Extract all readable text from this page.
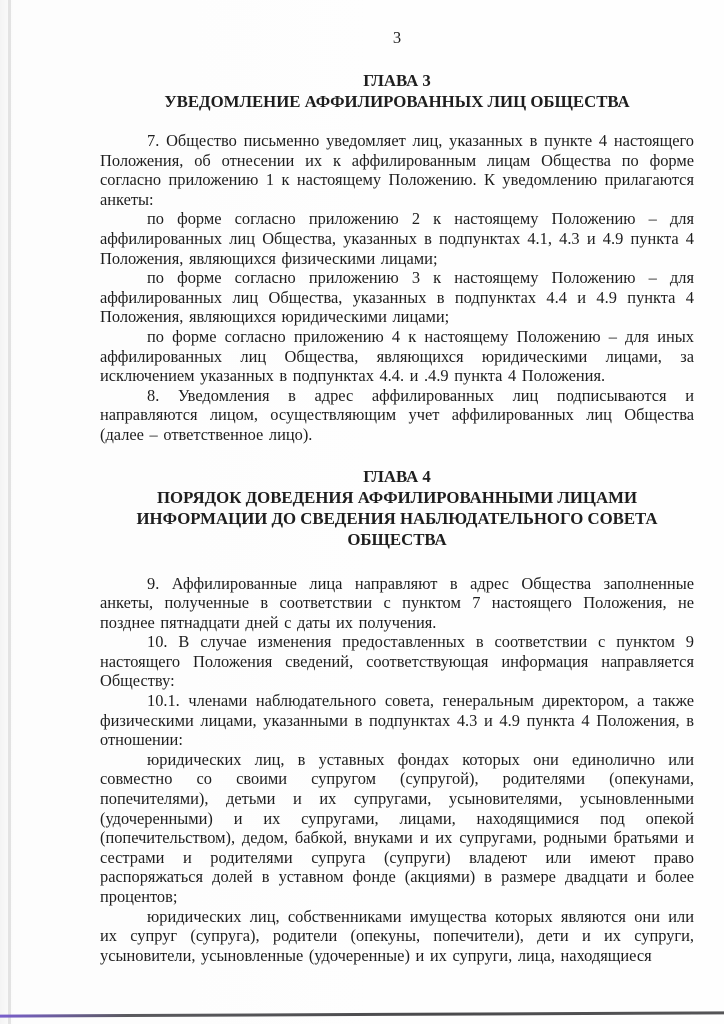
3
ГЛАВА 3
УВЕДОМЛЕНИЕ АФФИЛИРОВАННЫХ ЛИЦ ОБЩЕСТВА

7. Общество письменно уведомляет лиц, указанных в пункте 4 настоящего Положения, об отнесении их к аффилированным лицам Общества по форме согласно приложению 1 к настоящему Положению. К уведомлению прилагаются анкеты:

по форме согласно приложению 2 к настоящему Положению – для аффилированных лиц Общества, указанных в подпунктах 4.1, 4.3 и 4.9 пункта 4 Положения, являющихся физическими лицами;

по форме согласно приложению 3 к настоящему Положению – для аффилированных лиц Общества, указанных в подпунктах 4.4 и 4.9 пункта 4 Положения, являющихся юридическими лицами;

по форме согласно приложению 4 к настоящему Положению – для иных аффилированных лиц Общества, являющихся юридическими лицами, за исключением указанных в подпунктах 4.4. и .4.9 пункта 4 Положения.

8. Уведомления в адрес аффилированных лиц подписываются и направляются лицом, осуществляющим учет аффилированных лиц Общества (далее – ответственное лицо).

ГЛАВА 4
ПОРЯДОК ДОВЕДЕНИЯ АФФИЛИРОВАННЫМИ ЛИЦАМИ
ИНФОРМАЦИИ ДО СВЕДЕНИЯ НАБЛЮДАТЕЛЬНОГО СОВЕТА
ОБЩЕСТВА

9. Аффилированные лица направляют в адрес Общества заполненные анкеты, полученные в соответствии с пунктом 7 настоящего Положения, не позднее пятнадцати дней с даты их получения.

10. В случае изменения предоставленных в соответствии с пунктом 9 настоящего Положения сведений, соответствующая информация направляется Обществу:

10.1. членами наблюдательного совета, генеральным директором, а также физическими лицами, указанными в подпунктах 4.3 и 4.9 пункта 4 Положения, в отношении:

юридических лиц, в уставных фондах которых они единолично или совместно со своими супругом (супругой), родителями (опекунами, попечителями), детьми и их супругами, усыновителями, усыновленными (удочеренными) и их супругами, лицами, находящимися под опекой (попечительством), дедом, бабкой, внуками и их супругами, родными братьями и сестрами и родителями супруга (супруги) владеют или имеют право распоряжаться долей в уставном фонде (акциями) в размере двадцати и более процентов;

юридических лиц, собственниками имущества которых являются они или их супруг (супруга), родители (опекуны, попечители), дети и их супруги, усыновители, усыновленные (удочеренные) и их супруги, лица, находящиеся
